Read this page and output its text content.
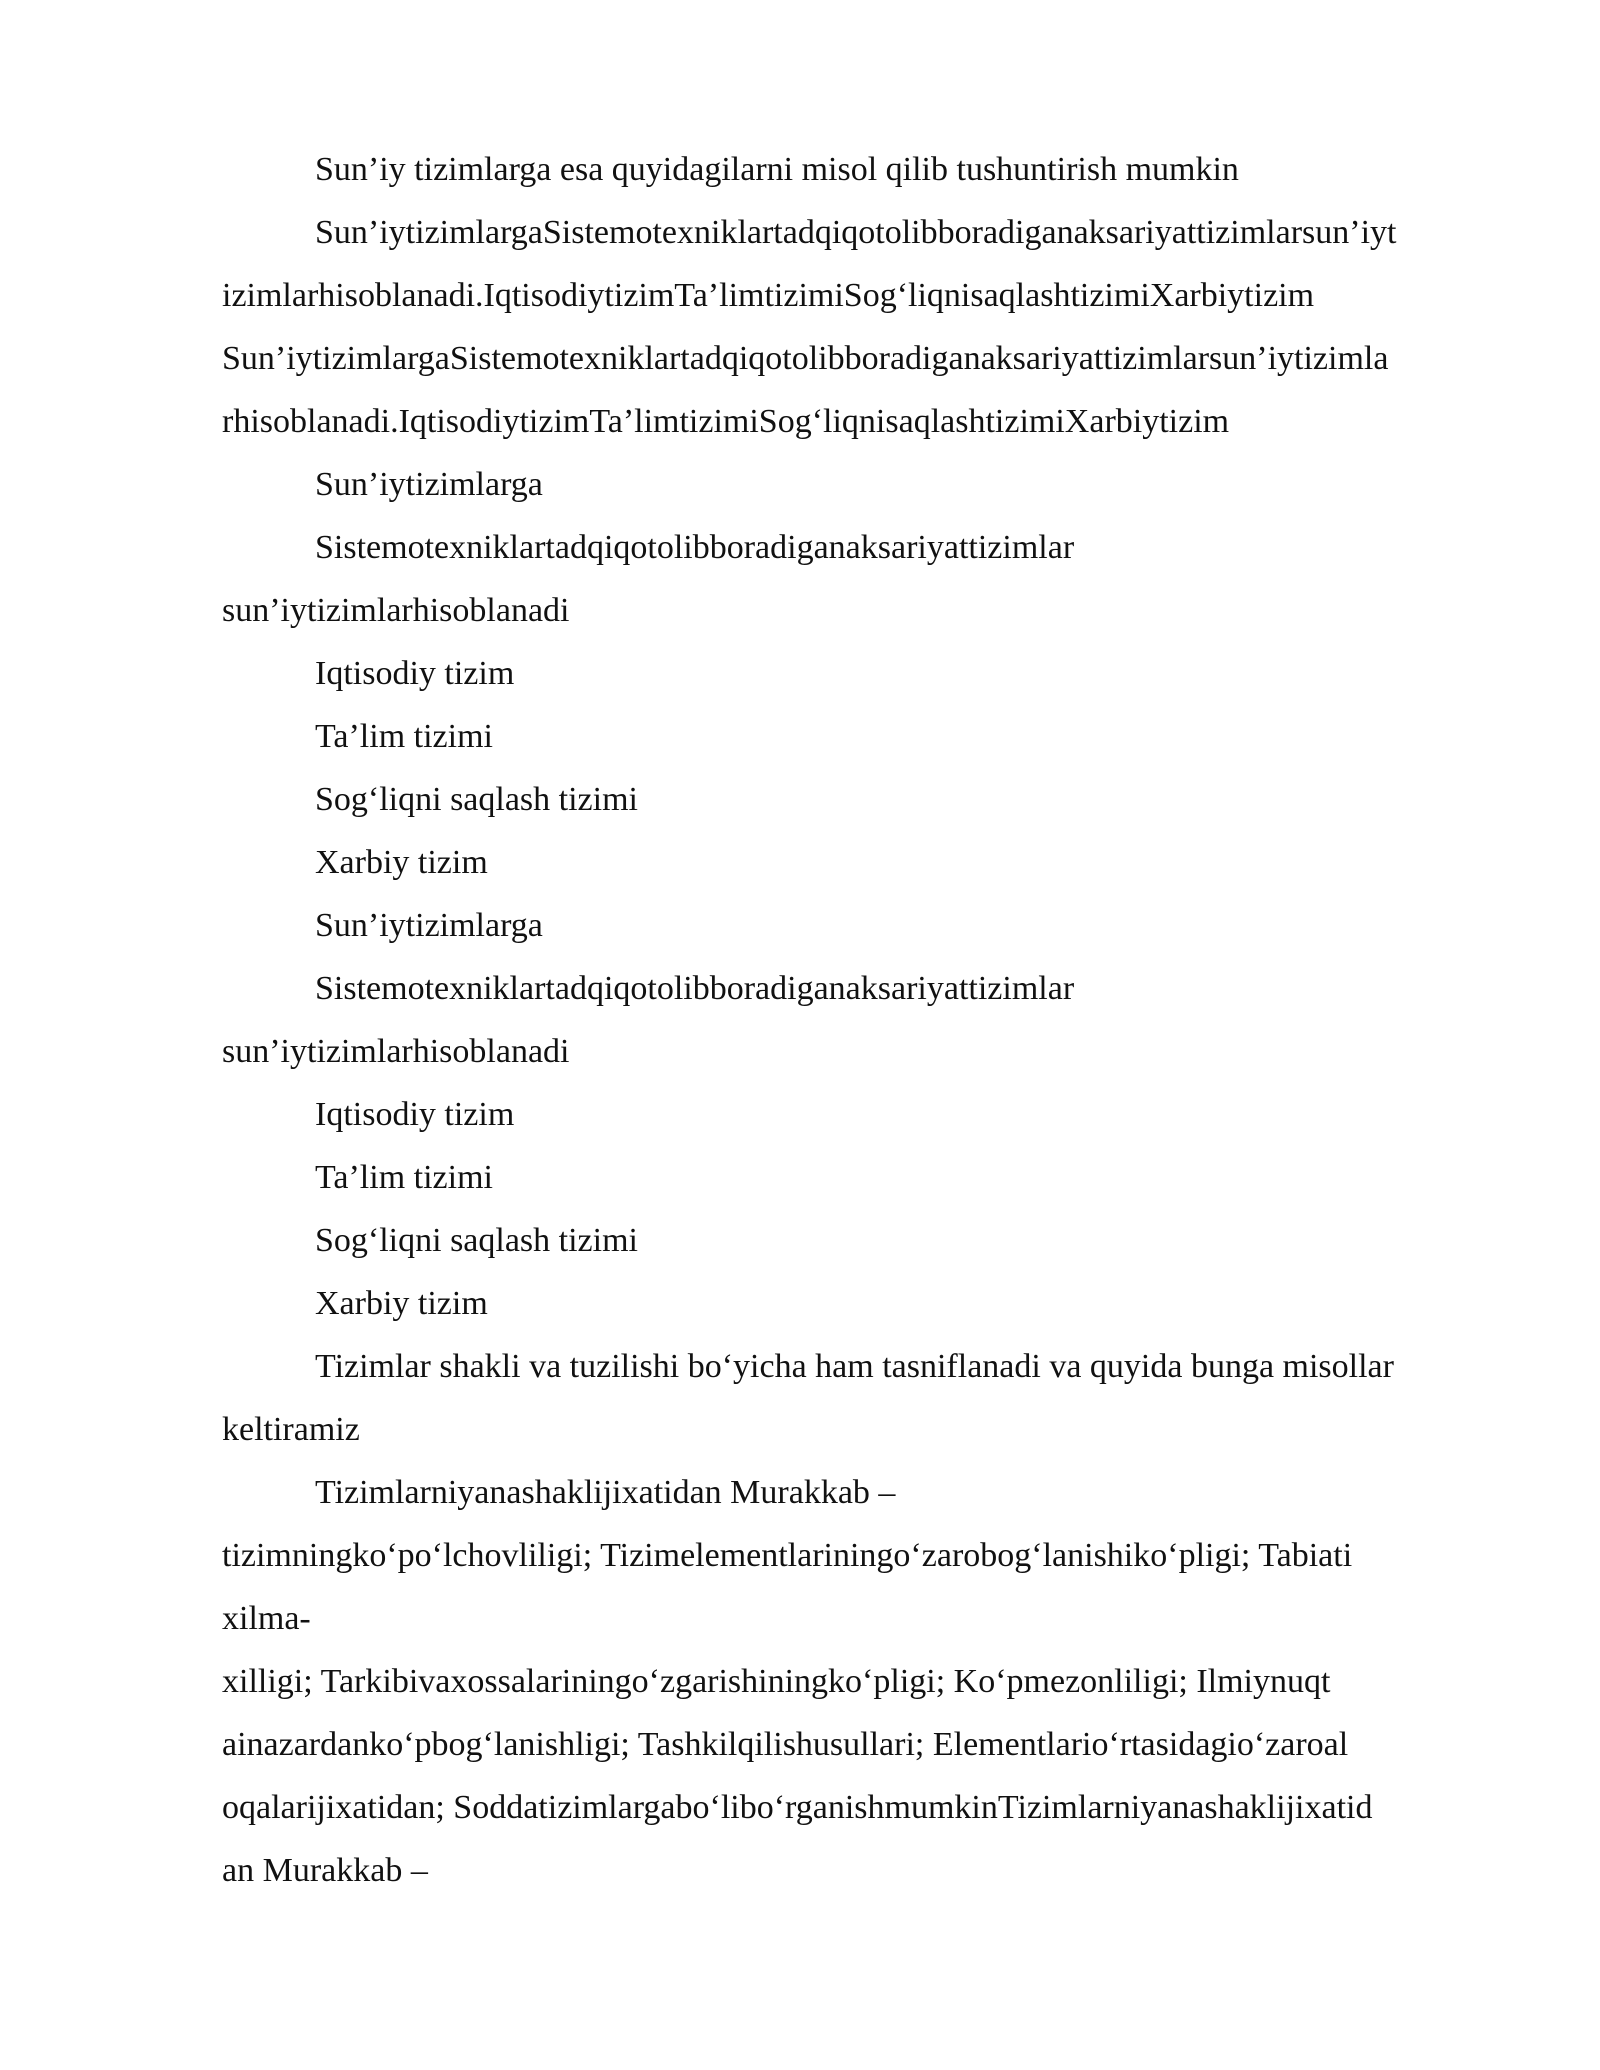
Sun’iy tizimlarga esa quyidagilarni misol qilib tushuntirish mumkin
Sun’iytizimlargaSistemotexniklartadqiqotolibboradiganaksariyattizimlarsun’iyt
izimlarhisoblanadi.IqtisodiytizimTa’limtizimiSog‘liqnisaqlashtizimiXarbiytizim
Sun’iytizimlargaSistemotexniklartadqiqotolibboradiganaksariyattizimlarsun’iytizimla
rhisoblanadi.IqtisodiytizimTa’limtizimiSog‘liqnisaqlashtizimiXarbiytizim
Sun’iytizimlarga
Sistemotexniklartadqiqotolibboradiganaksariyattizimlar
sun’iytizimlarhisoblanadi
Iqtisodiy tizim
Ta’lim tizimi
Sog‘liqni saqlash tizimi
Xarbiy tizim
Sun’iytizimlarga
Sistemotexniklartadqiqotolibboradiganaksariyattizimlar
sun’iytizimlarhisoblanadi
Iqtisodiy tizim
Ta’lim tizimi
Sog‘liqni saqlash tizimi
Xarbiy tizim
Tizimlar shakli va tuzilishi bo‘yicha ham tasniflanadi va quyida bunga misollar
keltiramiz
Tizimlarniyanashaklijixatidan Murakkab –
tizimningko‘po‘lchovliligi; Tizimelementlariningo‘zarobog‘lanishiko‘pligi; Tabiati
xilma-
xilligi; Tarkibivaxossalariningo‘zgarishiningko‘pligi; Ko‘pmezonliligi; Ilmiynuqt
ainazardanko‘pbog‘lanishligi; Tashkilqilishusullari; Elementlario‘rtasidagio‘zaroal
oqalarijixatidan; Soddatizimlargabo‘libo‘rganishmumkinTizimlarniyanashaklijixatid
an Murakkab –
